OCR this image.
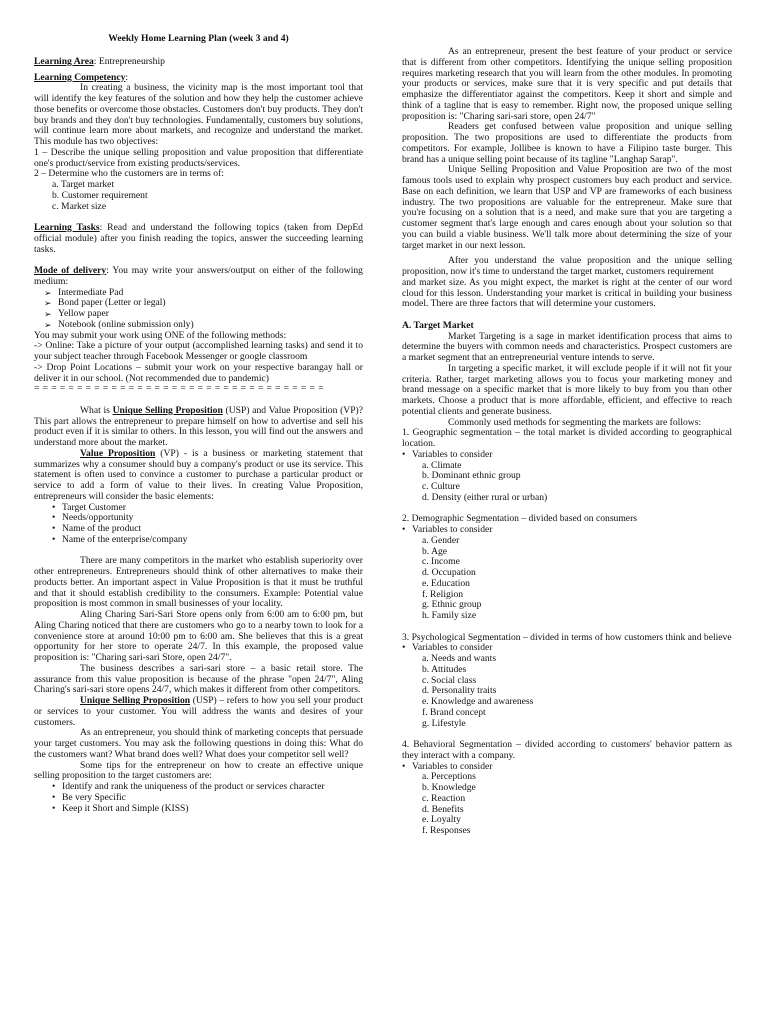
Weekly Home Learning Plan (week 3 and 4)

Learning Area: Entrepreneurship

Learning Competency:

In creating a business, the vicinity map is the most important tool that will identify the key features of the solution and how they help the customer achieve those benefits or overcome those obstacles. Customers don't buy products. They don't buy brands and they don't buy technologies. Fundamentally, customers buy solutions, will continue learn more about markets, and recognize and understand the market. This module has two objectives:

1 – Describe the unique selling proposition and value proposition that differentiate one's product/service from existing products/services.

2 – Determine who the customers are in terms of:

a. Target market
b. Customer requirement
c. Market size

Learning Tasks: Read and understand the following topics (taken from DepEd official module) after you finish reading the topics, answer the succeeding learning tasks.

Mode of delivery: You may write your answers/output on either of the following medium:

➢ Intermediate Pad
➢ Bond paper (Letter or legal)
➢ Yellow paper
➢ Notebook (online submission only)

You may submit your work using ONE of the following methods:

-> Online: Take a picture of your output (accomplished learning tasks) and send it to your subject teacher through Facebook Messenger or google classroom

-> Drop Point Locations – submit your work on your respective barangay hall or deliver it in our school. (Not recommended due to pandemic)

= = = = = = = = = = = = = = = = = = = = = = = = = = = = = = = = = =

What is Unique Selling Proposition (USP) and Value Proposition (VP)? This part allows the entrepreneur to prepare himself on how to advertise and sell his product even if it is similar to others. In this lesson, you will find out the answers and understand more about the market.

Value Proposition (VP) - is a business or marketing statement that summarizes why a consumer should buy a company's product or use its service. This statement is often used to convince a customer to purchase a particular product or service to add a form of value to their lives. In creating Value Proposition, entrepreneurs will consider the basic elements:

• Target Customer
• Needs/opportunity
• Name of the product
• Name of the enterprise/company

There are many competitors in the market who establish superiority over other entrepreneurs. Entrepreneurs should think of other alternatives to make their products better. An important aspect in Value Proposition is that it must be truthful and that it should establish credibility to the consumers. Example: Potential value proposition is most common in small businesses of your locality.

Aling Charing Sari-Sari Store opens only from 6:00 am to 6:00 pm, but Aling Charing noticed that there are customers who go to a nearby town to look for a convenience store at around 10:00 pm to 6:00 am. She believes that this is a great opportunity for her store to operate 24/7. In this example, the proposed value proposition is: "Charing sari-sari Store, open 24/7".

The business describes a sari-sari store – a basic retail store. The assurance from this value proposition is because of the phrase "open 24/7", Aling Charing's sari-sari store opens 24/7, which makes it different from other competitors.

Unique Selling Proposition (USP) – refers to how you sell your product or services to your customer. You will address the wants and desires of your customers.

As an entrepreneur, you should think of marketing concepts that persuade your target customers. You may ask the following questions in doing this: What do the customers want? What brand does well? What does your competitor sell well?

Some tips for the entrepreneur on how to create an effective unique selling proposition to the target customers are:

• Identify and rank the uniqueness of the product or services character
• Be very Specific
• Keep it Short and Simple (KISS)

As an entrepreneur, present the best feature of your product or service that is different from other competitors. Identifying the unique selling proposition requires marketing research that you will learn from the other modules. In promoting your products or services, make sure that it is very specific and put details that emphasize the differentiator against the competitors. Keep it short and simple and think of a tagline that is easy to remember. Right now, the proposed unique selling proposition is: "Charing sari-sari store, open 24/7"

Readers get confused between value proposition and unique selling proposition. The two propositions are used to differentiate the products from competitors. For example, Jollibee is known to have a Filipino taste burger. This brand has a unique selling point because of its tagline "Langhap Sarap".

Unique Selling Proposition and Value Proposition are two of the most famous tools used to explain why prospect customers buy each product and service. Base on each definition, we learn that USP and VP are frameworks of each business industry. The two propositions are valuable for the entrepreneur. Make sure that you're focusing on a solution that is a need, and make sure that you are targeting a customer segment that's large enough and cares enough about your solution so that you can build a viable business. We'll talk more about determining the size of your target market in our next lesson.

After you understand the value proposition and the unique selling proposition, now it's time to understand the target market, customers requirement

and market size. As you might expect, the market is right at the center of our word cloud for this lesson. Understanding your market is critical in building your business model. There are three factors that will determine your customers.

A. Target Market

Market Targeting is a sage in market identification process that aims to determine the buyers with common needs and characteristics. Prospect customers are a market segment that an entrepreneurial venture intends to serve.

In targeting a specific market, it will exclude people if it will not fit your criteria. Rather, target marketing allows you to focus your marketing money and brand message on a specific market that is more likely to buy from you than other markets. Choose a product that is more affordable, efficient, and effective to reach potential clients and generate business.

Commonly used methods for segmenting the markets are follows:

1. Geographic segmentation – the total market is divided according to geographical location.

• Variables to consider

a. Climate
b. Dominant ethnic group
c. Culture
d. Density (either rural or urban)

2. Demographic Segmentation – divided based on consumers

• Variables to consider

a. Gender
b. Age
c. Income
d. Occupation
e. Education
f. Religion
g. Ethnic group
h. Family size

3. Psychological Segmentation – divided in terms of how customers think and believe

• Variables to consider

a. Needs and wants
b. Attitudes
c. Social class
d. Personality traits
e. Knowledge and awareness
f. Brand concept
g. Lifestyle

4. Behavioral Segmentation – divided according to customers' behavior pattern as they interact with a company.

• Variables to consider

a. Perceptions
b. Knowledge
c. Reaction
d. Benefits
e. Loyalty
f. Responses
